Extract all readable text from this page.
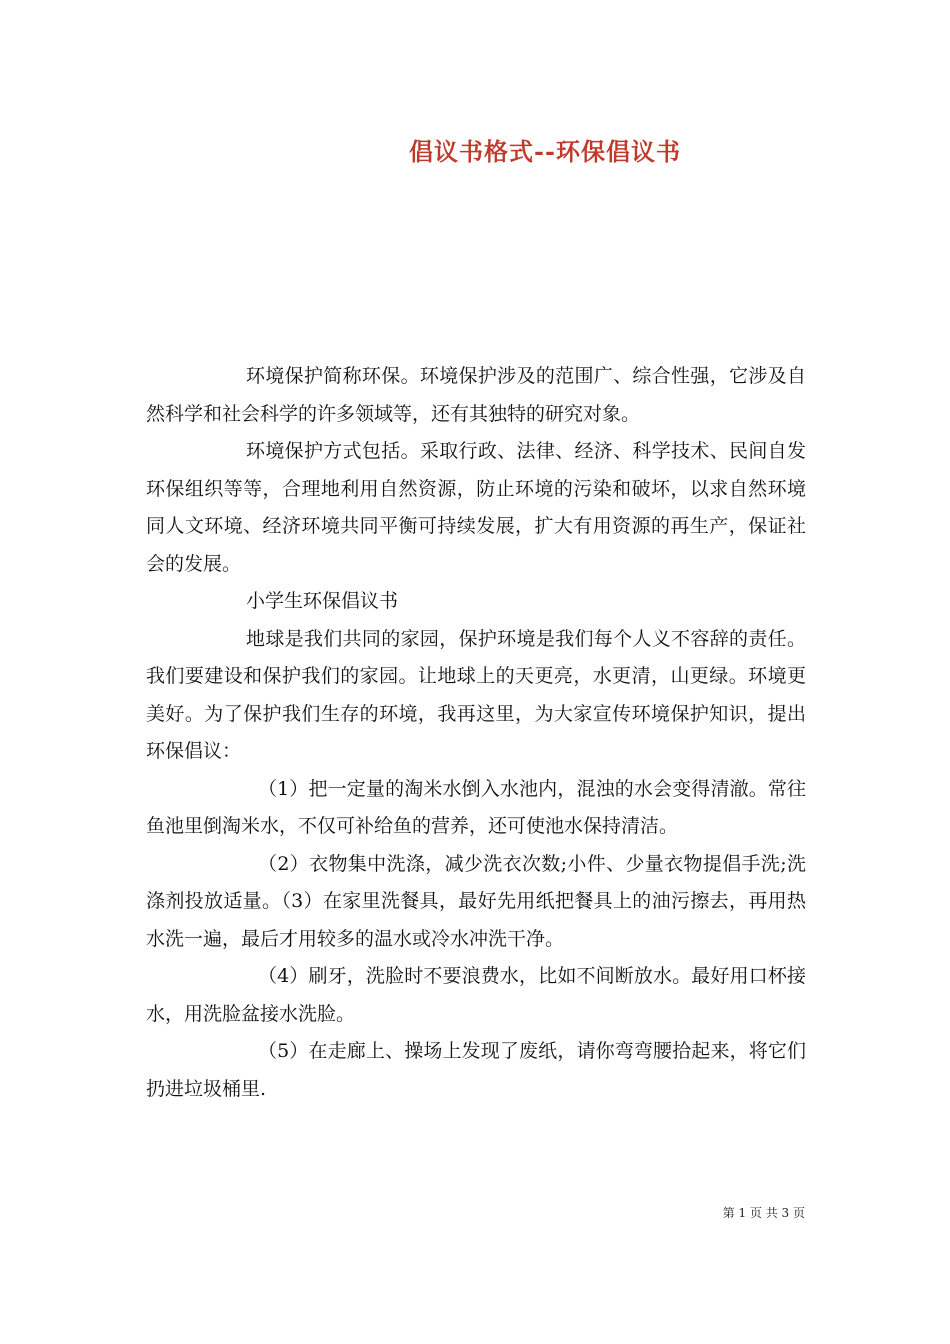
倡议书格式--环保倡议书

环境保护简称环保。环境保护涉及的范围广、综合性强，它涉及自然科学和社会科学的许多领域等，还有其独特的研究对象。

环境保护方式包括。采取行政、法律、经济、科学技术、民间自发环保组织等等，合理地利用自然资源，防止环境的污染和破坏，以求自然环境同人文环境、经济环境共同平衡可持续发展，扩大有用资源的再生产，保证社会的发展。

小学生环保倡议书

地球是我们共同的家园，保护环境是我们每个人义不容辞的责任。我们要建设和保护我们的家园。让地球上的天更亮，水更清，山更绿。环境更美好。为了保护我们生存的环境，我再这里，为大家宣传环境保护知识，提出环保倡议：

（1）把一定量的淘米水倒入水池内，混浊的水会变得清澈。常往鱼池里倒淘米水，不仅可补给鱼的营养，还可使池水保持清洁。

（2）衣物集中洗涤，减少洗衣次数;小件、少量衣物提倡手洗;洗涤剂投放适量。（3）在家里洗餐具，最好先用纸把餐具上的油污擦去，再用热水洗一遍，最后才用较多的温水或冷水冲洗干净。

（4）刷牙，洗脸时不要浪费水，比如不间断放水。最好用口杯接水，用洗脸盆接水洗脸。

（5）在走廊上、操场上发现了废纸，请你弯弯腰拾起来，将它们扔进垃圾桶里.

第 1 页 共 3 页
